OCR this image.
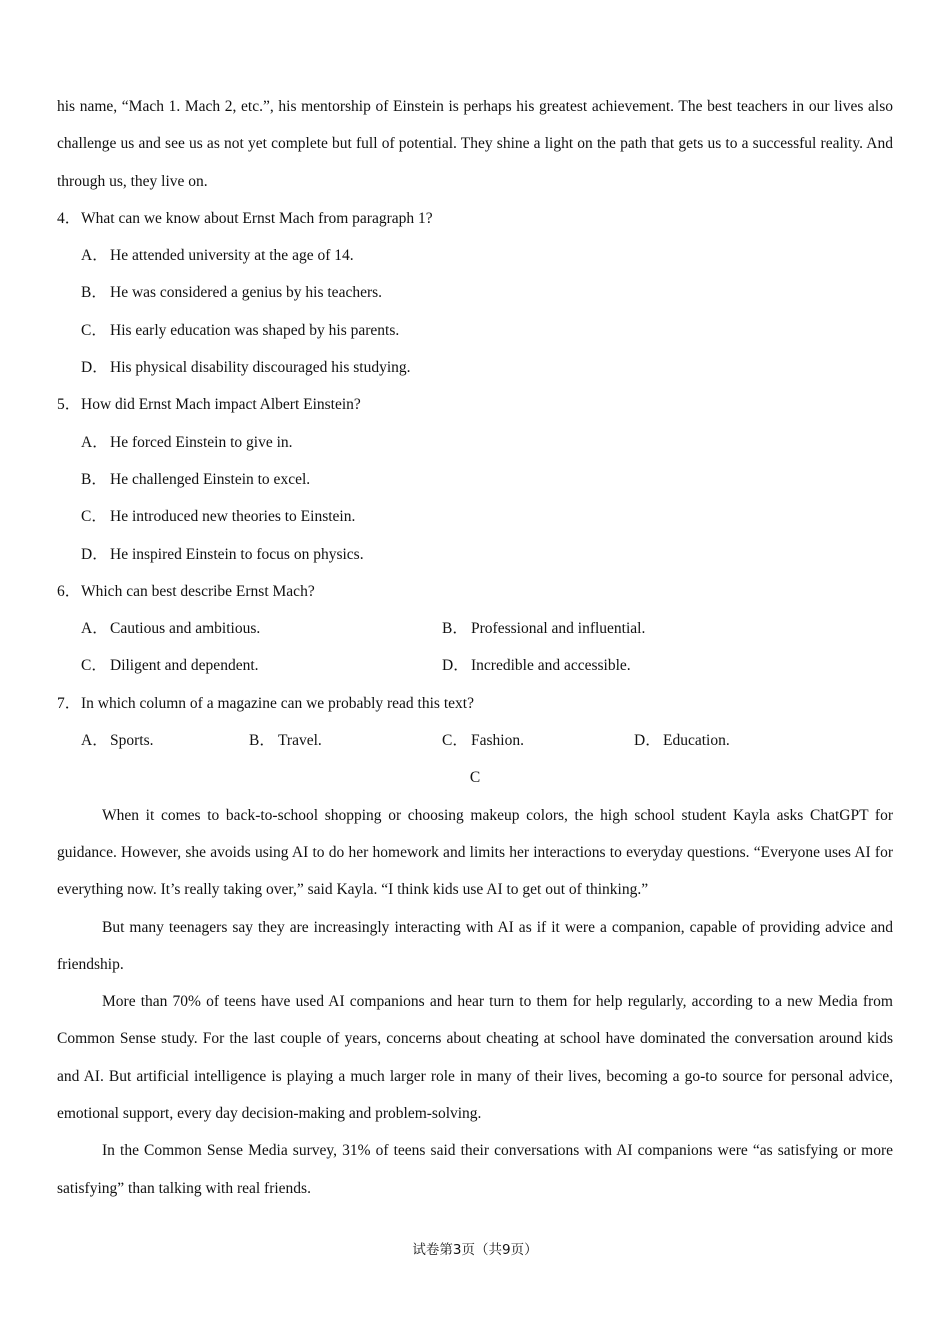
his name, “Mach 1. Mach 2, etc.”, his mentorship of Einstein is perhaps his greatest achievement. The best teachers in our lives also challenge us and see us as not yet complete but full of potential. They shine a light on the path that gets us to a successful reality. And through us, they live on.

4．What can we know about Ernst Mach from paragraph 1?

A． He attended university at the age of 14.
B． He was considered a genius by his teachers.
C． His early education was shaped by his parents.
D． His physical disability discouraged his studying.

5．How did Ernst Mach impact Albert Einstein?

A． He forced Einstein to give in.
B． He challenged Einstein to excel.
C． He introduced new theories to Einstein.
D． He inspired Einstein to focus on physics.

6．Which can best describe Ernst Mach?

A． Cautious and ambitious.	B． Professional and influential.
C． Diligent and dependent.	D． Incredible and accessible.

7．In which column of a magazine can we probably read this text?

A． Sports.	B． Travel.	C． Fashion.	D． Education.

C

When it comes to back-to-school shopping or choosing makeup colors, the high school student Kayla asks ChatGPT for guidance. However, she avoids using AI to do her homework and limits her interactions to everyday questions. “Everyone uses AI for everything now. It’s really taking over,” said Kayla. “I think kids use AI to get out of thinking.”

But many teenagers say they are increasingly interacting with AI as if it were a companion, capable of providing advice and friendship.

More than 70% of teens have used AI companions and hear turn to them for help regularly, according to a new Media from Common Sense study. For the last couple of years, concerns about cheating at school have dominated the conversation around kids and AI. But artificial intelligence is playing a much larger role in many of their lives, becoming a go-to source for personal advice, emotional support, every day decision-making and problem-solving.

In the Common Sense Media survey, 31% of teens said their conversations with AI companions were “as satisfying or more satisfying” than talking with real friends.

试卷第3页（共9页）
